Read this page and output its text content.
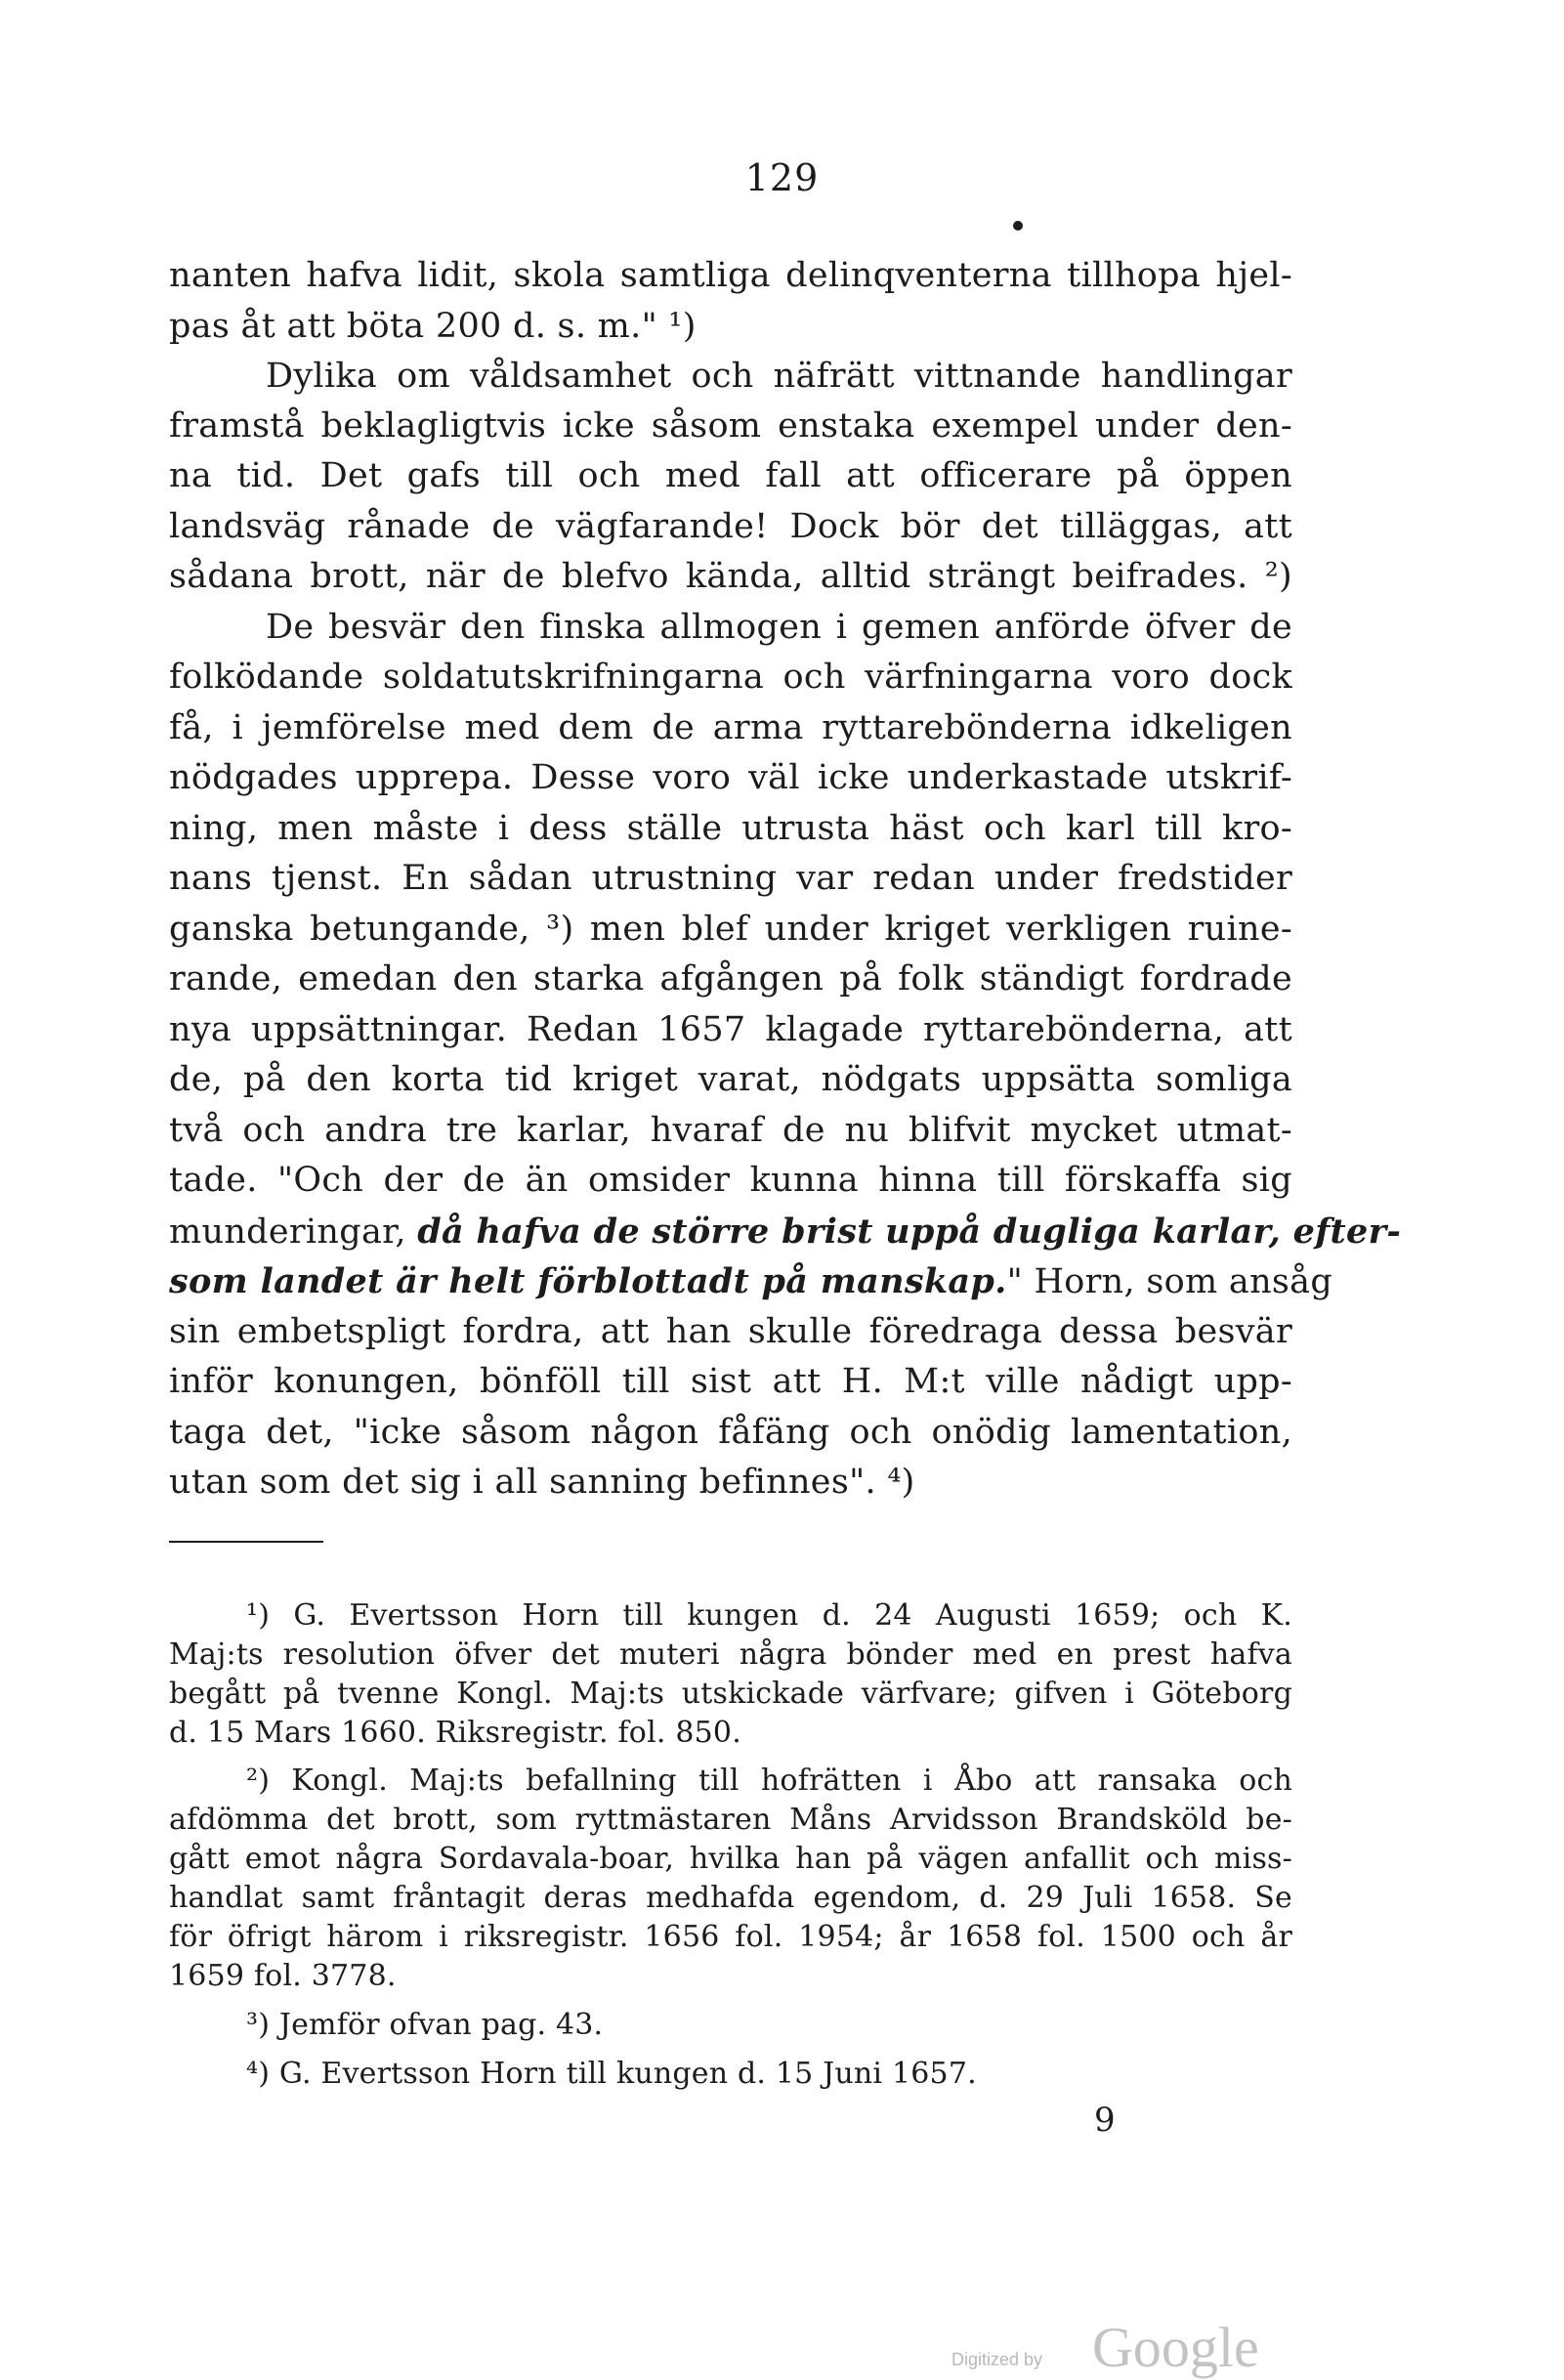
129
nanten hafva lidit, skola samtliga delinqventerna tillhopa hjel-
pas åt att böta 200 d. s. m." ¹)
Dylika om våldsamhet och näfrätt vittnande handlingar
framstå beklagligtvis icke såsom enstaka exempel under den-
na tid. Det gafs till och med fall att officerare på öppen
landsväg rånade de vägfarande! Dock bör det tilläggas, att
sådana brott, när de blefvo kända, alltid strängt beifrades. ²)
De besvär den finska allmogen i gemen anförde öfver de
folködande soldatutskrifningarna och värfningarna voro dock
få, i jemförelse med dem de arma ryttarebönderna idkeligen
nödgades upprepa. Desse voro väl icke underkastade utskrif-
ning, men måste i dess ställe utrusta häst och karl till kro-
nans tjenst. En sådan utrustning var redan under fredstider
ganska betungande, ³) men blef under kriget verkligen ruine-
rande, emedan den starka afgången på folk ständigt fordrade
nya uppsättningar. Redan 1657 klagade ryttarebönderna, att
de, på den korta tid kriget varat, nödgats uppsätta somliga
två och andra tre karlar, hvaraf de nu blifvit mycket utmat-
tade. "Och der de än omsider kunna hinna till förskaffa sig
munderingar, då hafva de större brist uppå dugliga karlar, efter-
som landet är helt förblottadt på manskap." Horn, som ansåg
sin embetspligt fordra, att han skulle föredraga dessa besvär
inför konungen, bönföll till sist att H. M:t ville nådigt upp-
taga det, "icke såsom någon fåfäng och onödig lamentation,
utan som det sig i all sanning befinnes". ⁴)
¹) G. Evertsson Horn till kungen d. 24 Augusti 1659; och K.
Maj:ts resolution öfver det muteri några bönder med en prest hafva
begått på tvenne Kongl. Maj:ts utskickade värfvare; gifven i Göteborg
d. 15 Mars 1660. Riksregistr. fol. 850.
²) Kongl. Maj:ts befallning till hofrätten i Åbo att ransaka och
afdömma det brott, som ryttmästaren Måns Arvidsson Brandsköld be-
gått emot några Sordavala-boar, hvilka han på vägen anfallit och miss-
handlat samt fråntagit deras medhafda egendom, d. 29 Juli 1658. Se
för öfrigt härom i riksregistr. 1656 fol. 1954; år 1658 fol. 1500 och år
1659 fol. 3778.
³) Jemför ofvan pag. 43.
⁴) G. Evertsson Horn till kungen d. 15 Juni 1657.
9
Digitized by Google
